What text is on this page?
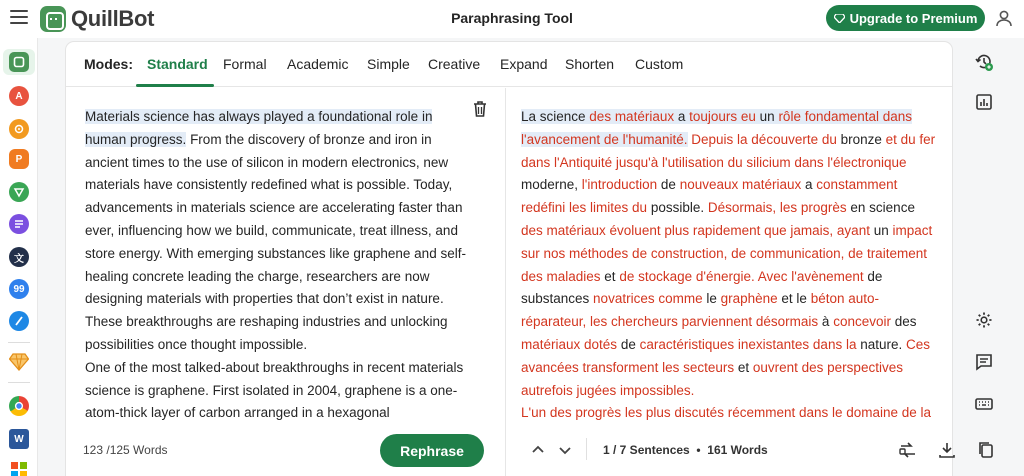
QuillBot	Paraphrasing Tool	Upgrade to Premium
A
P
文
99
W
Modes: Standard Formal Academic Simple Creative Expand Shorten Custom

Materials science has always played a foundational role in human progress. From the discovery of bronze and iron in ancient times to the use of silicon in modern electronics, new materials have consistently redefined what is possible. Today, advancements in materials science are accelerating faster than ever, influencing how we build, communicate, treat illness, and store energy. With emerging substances like graphene and self-healing concrete leading the charge, researchers are now designing materials with properties that don’t exist in nature. These breakthroughs are reshaping industries and unlocking possibilities once thought impossible.

One of the most talked-about breakthroughs in recent materials science is graphene. First isolated in 2004, graphene is a one-atom-thick layer of carbon arranged in a hexagonal

123 /125 Words	Rephrase

La science des matériaux a toujours eu un rôle fondamental dans l'avancement de l'humanité. Depuis la découverte du bronze et du fer dans l'Antiquité jusqu'à l'utilisation du silicium dans l'électronique moderne, l'introduction de nouveaux matériaux a constamment redéfini les limites du possible. Désormais, les progrès en science des matériaux évoluent plus rapidement que jamais, ayant un impact sur nos méthodes de construction, de communication, de traitement des maladies et de stockage d'énergie. Avec l'avènement de substances novatrices comme le graphène et le béton auto-réparateur, les chercheurs parviennent désormais à concevoir des matériaux dotés de caractéristiques inexistantes dans la nature. Ces avancées transforment les secteurs et ouvrent des perspectives autrefois jugées impossibles.

L'un des progrès les plus discutés récemment dans le domaine de la

1 / 7 Sentences  •  161 Words
